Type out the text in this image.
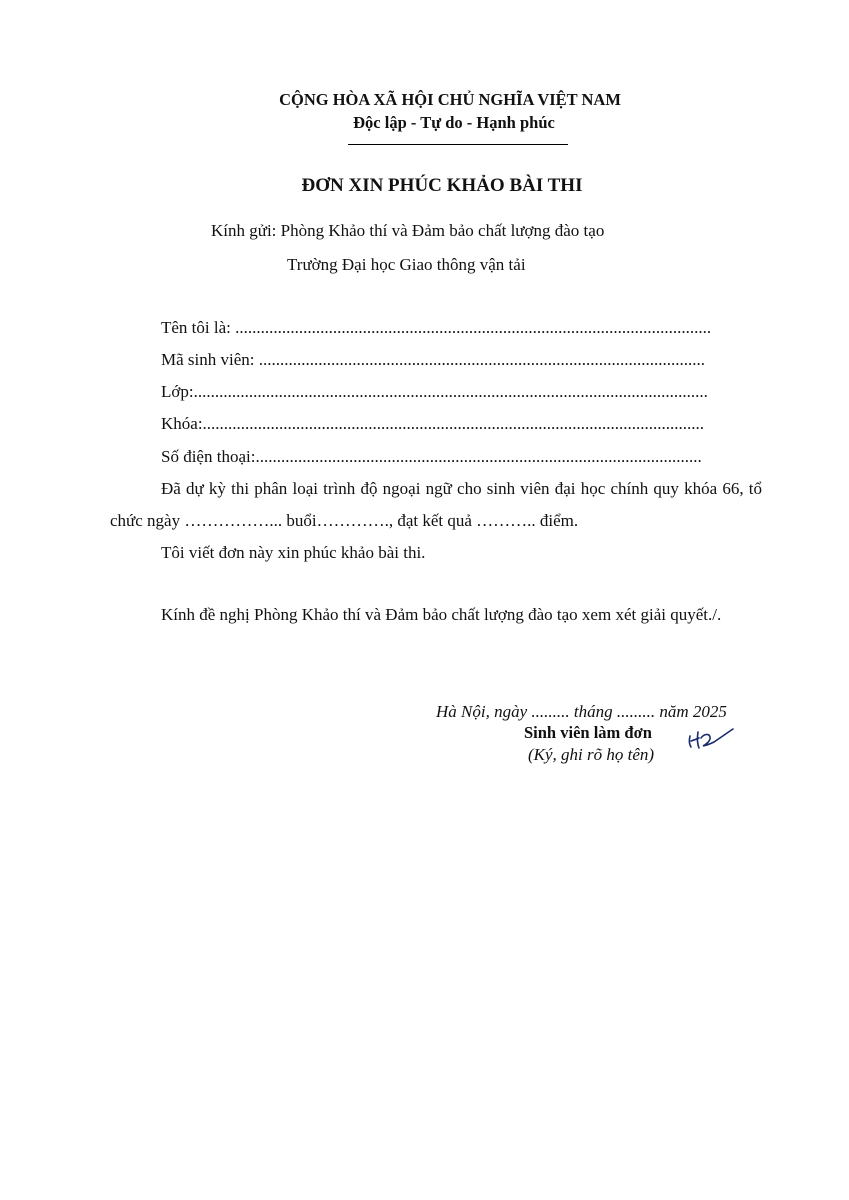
CỘNG HÒA XÃ HỘI CHỦ NGHĨA VIỆT NAM
Độc lập - Tự do - Hạnh phúc
ĐƠN XIN PHÚC KHẢO BÀI THI
Kính gửi: Phòng Khảo thí và Đảm bảo chất lượng đào tạo
Trường Đại học Giao thông vận tải
Tên tôi là: ................................................................................................................
Mã sinh viên: .........................................................................................................
Lớp:.........................................................................................................................
Khóa:......................................................................................................................
Số điện thoại:.........................................................................................................
Đã dự kỳ thi phân loại trình độ ngoại ngữ cho sinh viên đại học chính quy khóa 66, tổ chức ngày ……………... buổi…………., đạt kết quả ……….. điểm.
Tôi viết đơn này xin phúc khảo bài thi.
Kính đề nghị Phòng Khảo thí và Đảm bảo chất lượng đào tạo xem xét giải quyết./.
Hà Nội, ngày ......... tháng ......... năm 2025
Sinh viên làm đơn
(Ký, ghi rõ họ tên)
